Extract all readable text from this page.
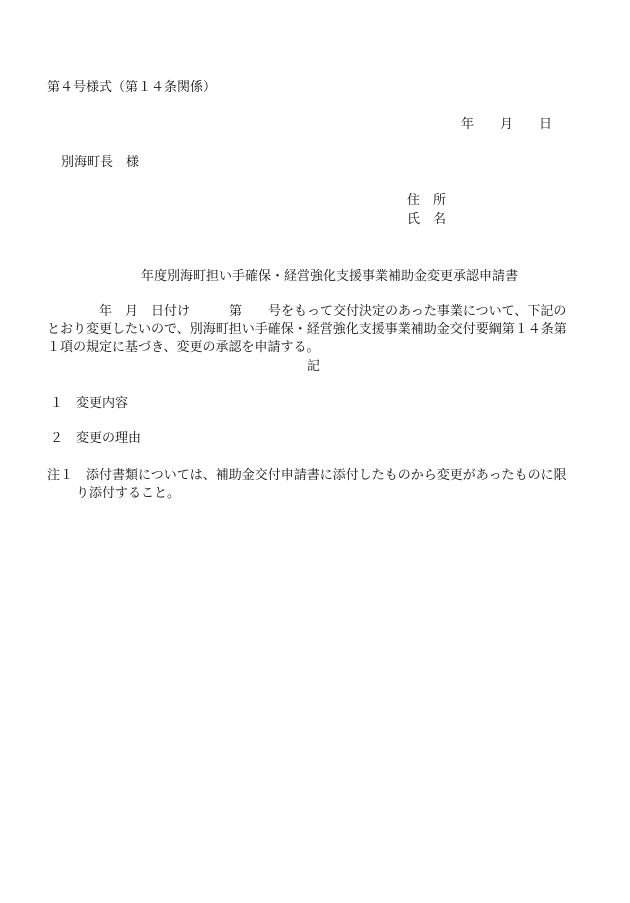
第４号様式（第１４条関係）
年　　月　　日
別海町長　様
住　所
氏　名
年度別海町担い手確保・経営強化支援事業補助金変更承認申請書
　　　　年　月　日付け　　　第　　号をもって交付決定のあった事業について、下記の
とおり変更したいので、別海町担い手確保・経営強化支援事業補助金交付要綱第１４条第
１項の規定に基づき、変更の承認を申請する。
記
１　変更内容
２　変更の理由
注１　添付書類については、補助金交付申請書に添付したものから変更があったものに限
り添付すること。
